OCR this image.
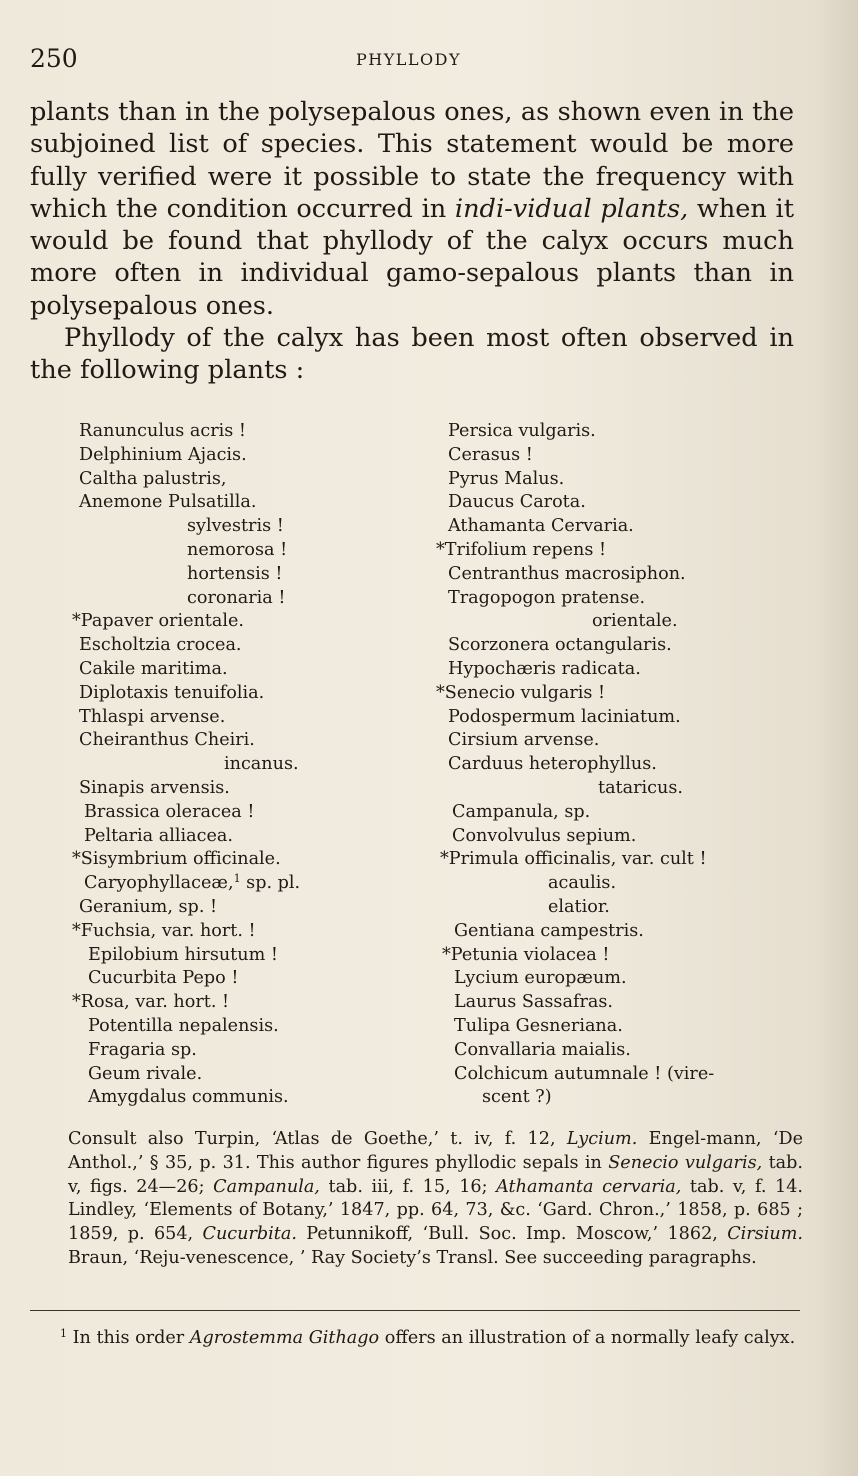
250	PHYLLODY

plants than in the polysepalous ones, as shown even in the subjoined list of species. This statement would be more fully verified were it possible to state the frequency with which the condition occurred in indi-vidual plants, when it would be found that phyllody of the calyx occurs much more often in individual gamo-sepalous plants than in polysepalous ones.

Phyllody of the calyx has been most often observed in the following plants :

Ranunculus acris !
Delphinium Ajacis.
Caltha palustris,
Anemone Pulsatilla.
sylvestris !
nemorosa !
hortensis !
coronaria !
*Papaver orientale.
Escholtzia crocea.
Cakile maritima.
Diplotaxis tenuifolia.
Thlaspi arvense.
Cheiranthus Cheiri.
incanus.
Sinapis arvensis.
Brassica oleracea !
Peltaria alliacea.
*Sisymbrium officinale.
Caryophyllaceæ,$^1$ sp. pl.
Geranium, sp. !
*Fuchsia, var. hort. !
Epilobium hirsutum !
Cucurbita Pepo !
*Rosa, var. hort. !
Potentilla nepalensis.
Fragaria sp.
Geum rivale.
Amygdalus communis.
Persica vulgaris.
Cerasus !
Pyrus Malus.
Daucus Carota.
Athamanta Cervaria.
*Trifolium repens !
Centranthus macrosiphon.
Tragopogon pratense.
orientale.
Scorzonera octangularis.
Hypochæris radicata.
*Senecio vulgaris !
Podospermum laciniatum.
Cirsium arvense.
Carduus heterophyllus.
tataricus.
Campanula, sp.
Convolvulus sepium.
*Primula officinalis, var. cult !
acaulis.
elatior.
Gentiana campestris.
*Petunia violacea !
Lycium europæum.
Laurus Sassafras.
Tulipa Gesneriana.
Convallaria maialis.
Colchicum autumnale ! (vire-
scent ?)
Consult also Turpin, ‘Atlas de Goethe,’ t. iv, f. 12, Lycium. Engel-mann, ‘De Anthol.,’ § 35, p. 31. This author figures phyllodic sepals in Senecio vulgaris, tab. v, figs. 24—26; Campanula, tab. iii, f. 15, 16; Athamanta cervaria, tab. v, f. 14. Lindley, ‘Elements of Botany,’ 1847, pp. 64, 73, &c. ‘Gard. Chron.,’ 1858, p. 685 ; 1859, p. 654, Cucurbita. Petunnikoff, ‘Bull. Soc. Imp. Moscow,’ 1862, Cirsium. Braun, ‘Reju-venescence, ’ Ray Society’s Transl. See succeeding paragraphs.
$^1$ In this order Agrostemma Githago offers an illustration of a normally leafy calyx.
